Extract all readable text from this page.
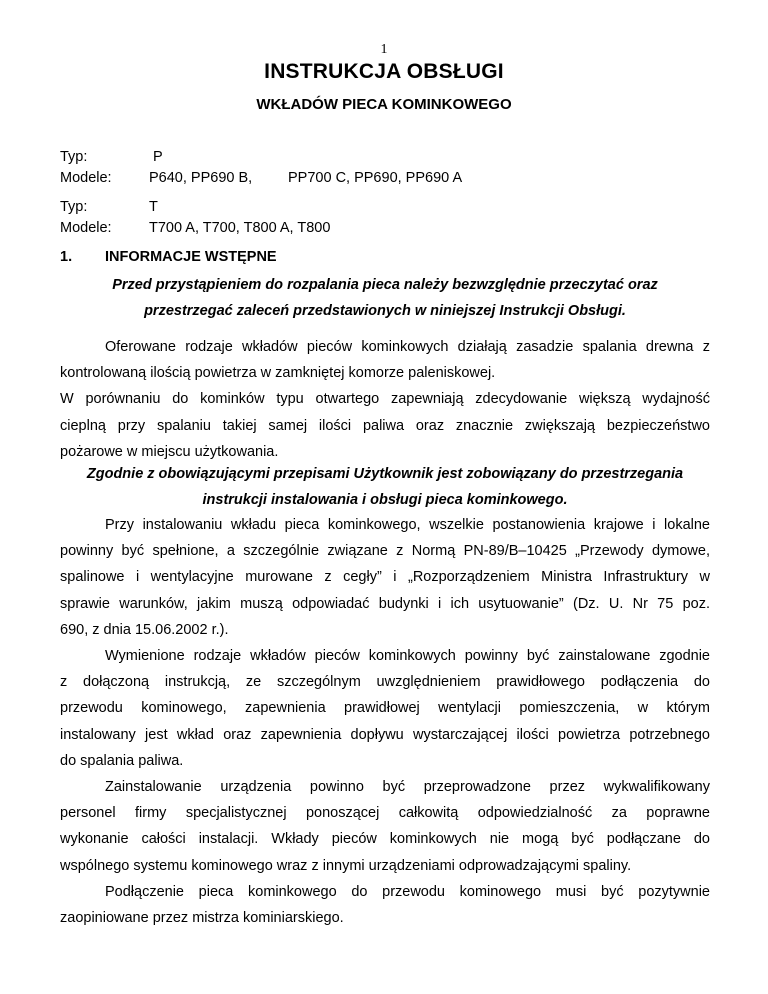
1
INSTRUKCJA OBSŁUGI
WKŁADÓW PIECA KOMINKOWEGO
Typ:	P
Modele:	P640, PP690 B, PP700 C, PP690, PP690 A
Typ:	T
Modele:	T700 A, T700, T800 A, T800
1. INFORMACJE WSTĘPNE
Przed przystąpieniem do rozpalania pieca należy bezwzględnie przeczytać oraz
przestrzegać zaleceń przedstawionych w niniejszej Instrukcji Obsługi.
Oferowane rodzaje wkładów pieców kominkowych działają zasadzie spalania drewna z
kontrolowaną ilością powietrza w zamkniętej komorze paleniskowej.
W porównaniu do kominków typu otwartego zapewniają zdecydowanie większą wydajność
cieplną przy spalaniu takiej samej ilości paliwa oraz znacznie zwiększają bezpieczeństwo
pożarowe w miejscu użytkowania.
Zgodnie z obowiązującymi przepisami Użytkownik jest zobowiązany do przestrzegania
instrukcji instalowania i obsługi pieca kominkowego.
Przy instalowaniu wkładu pieca kominkowego, wszelkie postanowienia krajowe i lokalne
powinny być spełnione, a szczególnie związane z Normą PN-89/B–10425 „Przewody dymowe,
spalinowe i wentylacyjne murowane z cegły” i „Rozporządzeniem Ministra Infrastruktury w
sprawie warunków, jakim muszą odpowiadać budynki i ich usytuowanie” (Dz. U. Nr 75 poz.
690, z dnia 15.06.2002 r.).
Wymienione rodzaje wkładów pieców kominkowych powinny być zainstalowane zgodnie
z dołączoną instrukcją, ze szczególnym uwzględnieniem prawidłowego podłączenia do
przewodu kominowego, zapewnienia prawidłowej wentylacji pomieszczenia, w którym
instalowany jest wkład oraz zapewnienia dopływu wystarczającej ilości powietrza potrzebnego
do spalania paliwa.
Zainstalowanie urządzenia powinno być przeprowadzone przez wykwalifikowany
personel firmy specjalistycznej ponoszącej całkowitą odpowiedzialność za poprawne
wykonanie całości instalacji. Wkłady pieców kominkowych nie mogą być podłączane do
wspólnego systemu kominowego wraz z innymi urządzeniami odprowadzającymi spaliny.
Podłączenie pieca kominkowego do przewodu kominowego musi być pozytywnie
zaopiniowane przez mistrza kominiarskiego.
